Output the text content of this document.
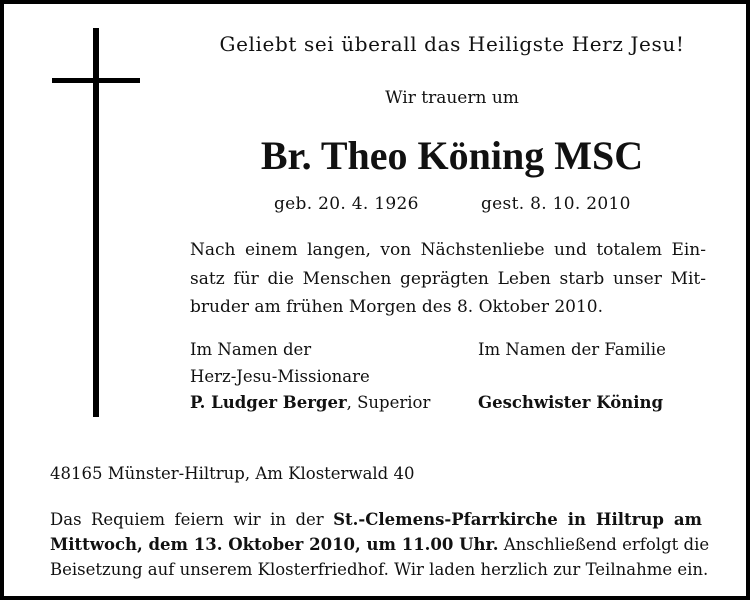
Geliebt sei überall das Heiligste Herz Jesu!
Wir trauern um
Br. Theo Köning MSC
geb. 20. 4. 1926	gest. 8. 10. 2010
Nach einem langen, von Nächstenliebe und totalem Ein-
satz für die Menschen geprägten Leben starb unser Mit-
bruder am frühen Morgen des 8. Oktober 2010.
Im Namen der
Herz-Jesu-Missionare
Im Namen der Familie
P. Ludger Berger, Superior	Geschwister Köning
48165 Münster-Hiltrup, Am Klosterwald 40
Das Requiem feiern wir in der St.-Clemens-Pfarrkirche in Hiltrup am
Mittwoch, dem 13. Oktober 2010, um 11.00 Uhr. Anschließend erfolgt die
Beisetzung auf unserem Klosterfriedhof. Wir laden herzlich zur Teilnahme ein.
